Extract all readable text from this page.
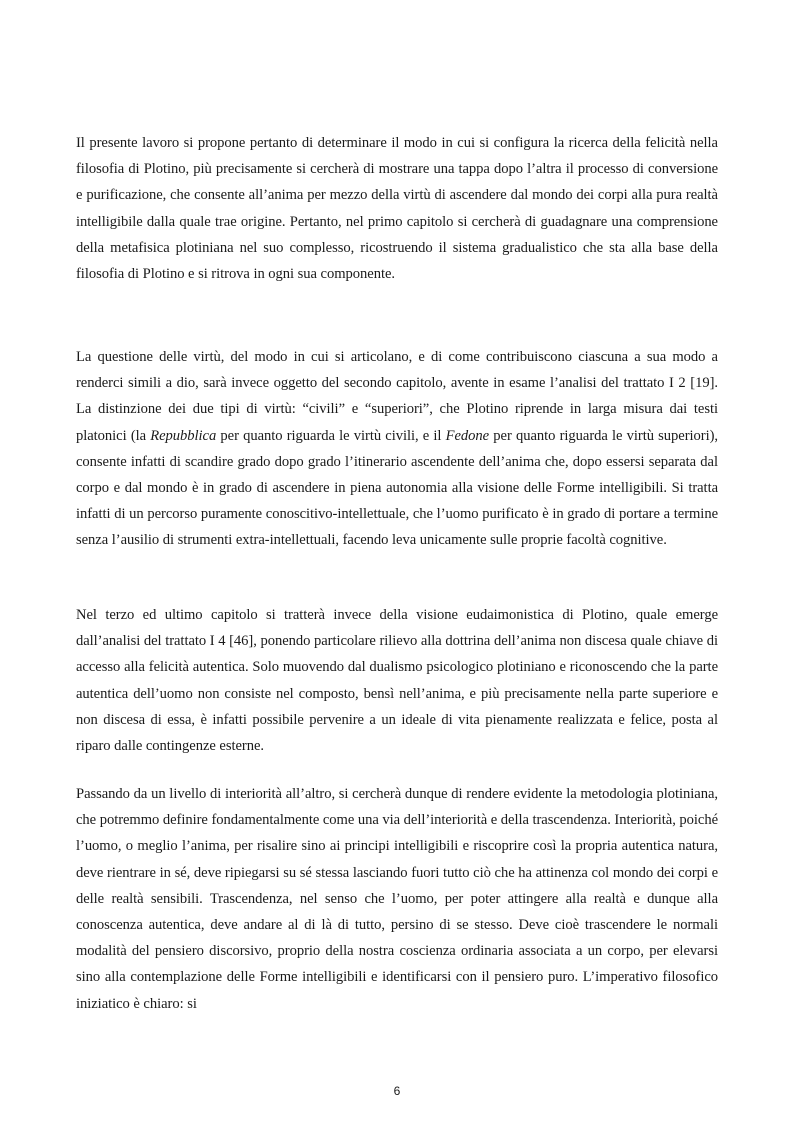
Il presente lavoro si propone pertanto di determinare il modo in cui si configura la ricerca della felicità nella filosofia di Plotino, più precisamente si cercherà di mostrare una tappa dopo l’altra il processo di conversione e purificazione, che consente all’anima per mezzo della virtù di ascendere dal mondo dei corpi alla pura realtà intelligibile dalla quale trae origine. Pertanto, nel primo capitolo si cercherà di guadagnare una comprensione della metafisica plotiniana nel suo complesso, ricostruendo il sistema gradualistico che sta alla base della filosofia di Plotino e si ritrova in ogni sua componente.

La questione delle virtù, del modo in cui si articolano, e di come contribuiscono ciascuna a sua modo a renderci simili a dio, sarà invece oggetto del secondo capitolo, avente in esame l’analisi del trattato I 2 [19]. La distinzione dei due tipi di virtù: “civili” e “superiori”, che Plotino riprende in larga misura dai testi platonici (la Repubblica per quanto riguarda le virtù civili, e il Fedone per quanto riguarda le virtù superiori), consente infatti di scandire grado dopo grado l’itinerario ascendente dell’anima che, dopo essersi separata dal corpo e dal mondo è in grado di ascendere in piena autonomia alla visione delle Forme intelligibili. Si tratta infatti di un percorso puramente conoscitivo-intellettuale, che l’uomo purificato è in grado di portare a termine senza l’ausilio di strumenti extra-intellettuali, facendo leva unicamente sulle proprie facoltà cognitive.

Nel terzo ed ultimo capitolo si tratterà invece della visione eudaimonistica di Plotino, quale emerge dall’analisi del trattato I 4 [46], ponendo particolare rilievo alla dottrina dell’anima non discesa quale chiave di accesso alla felicità autentica. Solo muovendo dal dualismo psicologico plotiniano e riconoscendo che la parte autentica dell’uomo non consiste nel composto, bensì nell’anima, e più precisamente nella parte superiore e non discesa di essa, è infatti possibile pervenire a un ideale di vita pienamente realizzata e felice, posta al riparo dalle contingenze esterne.

Passando da un livello di interiorità all’altro, si cercherà dunque di rendere evidente la metodologia plotiniana, che potremmo definire fondamentalmente come una via dell’interiorità e della trascendenza. Interiorità, poiché l’uomo, o meglio l’anima, per risalire sino ai principi intelligibili e riscoprire così la propria autentica natura, deve rientrare in sé, deve ripiegarsi su sé stessa lasciando fuori tutto ciò che ha attinenza col mondo dei corpi e delle realtà sensibili. Trascendenza, nel senso che l’uomo, per poter attingere alla realtà e dunque alla conoscenza autentica, deve andare al di là di tutto, persino di se stesso. Deve cioè trascendere le normali modalità del pensiero discorsivo, proprio della nostra coscienza ordinaria associata a un corpo, per elevarsi sino alla contemplazione delle Forme intelligibili e identificarsi con il pensiero puro. L’imperativo filosofico iniziatico è chiaro: si

6
